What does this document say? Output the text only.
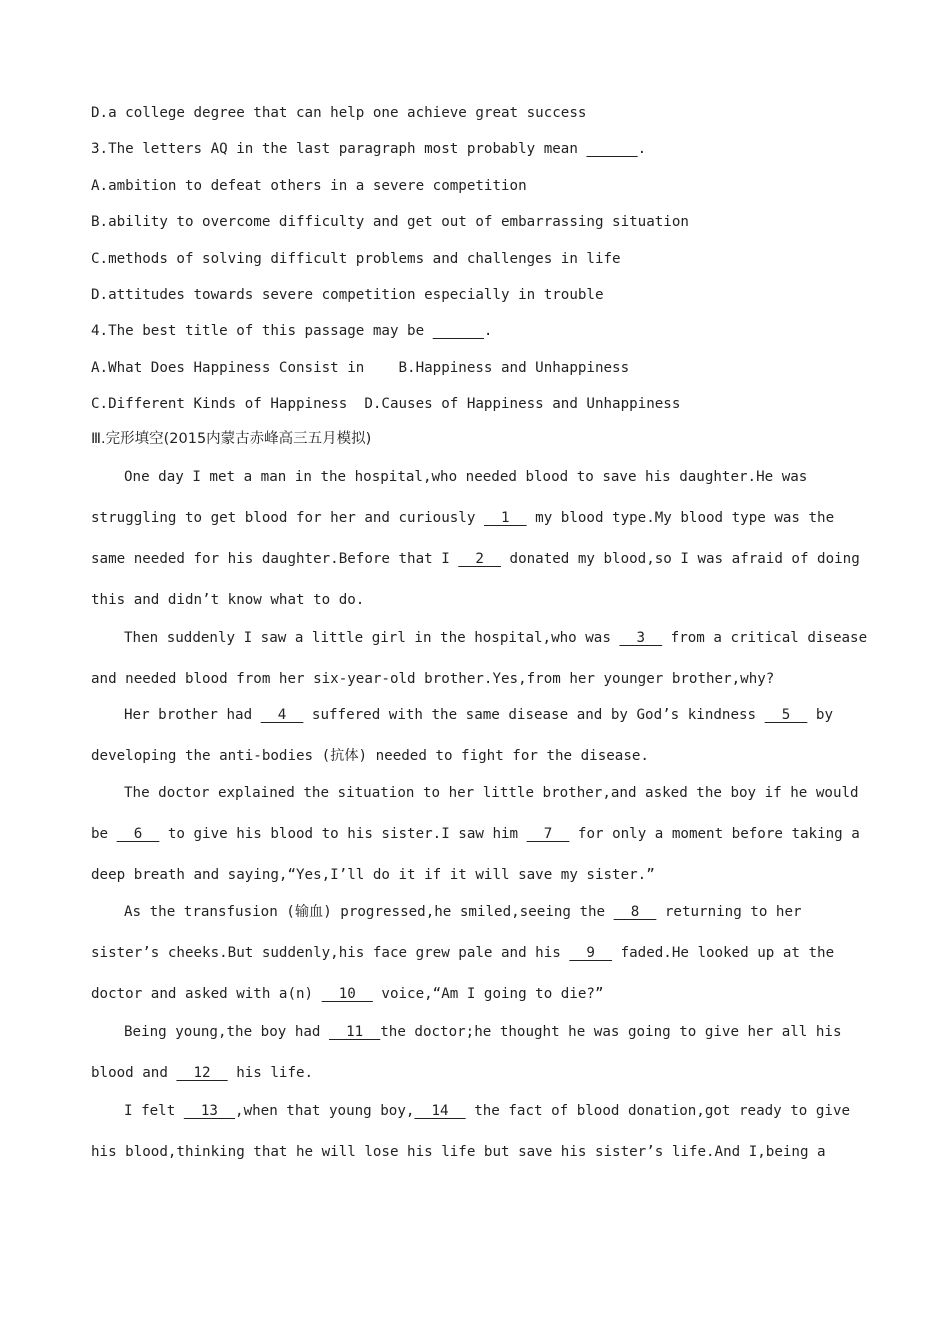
D.a college degree that can help one achieve great success
3.The letters AQ in the last paragraph most probably mean	.
A.ambition to defeat others in a severe competition
B.ability to overcome difficulty and get out of embarrassing situation
C.methods of solving difficult problems and challenges in life
D.attitudes towards severe competition especially in trouble
4.The best title of this passage may be	.
A.What Does Happiness Consist in    B.Happiness and Unhappiness
C.Different Kinds of Happiness  D.Causes of Happiness and Unhappiness
Ⅲ.完形填空(2015内蒙古赤峰高三五月模拟)
One day I met a man in the hospital,who needed blood to save his daughter.He was
struggling to get blood for her and curiously   1   my blood type.My blood type was the
same needed for his daughter.Before that I   2   donated my blood,so I was afraid of doing
this and didn’t know what to do.
Then suddenly I saw a little girl in the hospital,who was   3   from a critical disease
and needed blood from her six-year-old brother.Yes,from her younger brother,why?
Her brother had   4   suffered with the same disease and by God’s kindness   5   by
developing the anti-bodies (抗体) needed to fight for the disease.
The doctor explained the situation to her little brother,and asked the boy if he would
be   6   to give his blood to his sister.I saw him   7   for only a moment before taking a
deep breath and saying,“Yes,I’ll do it if it will save my sister.”
As the transfusion (输血) progressed,he smiled,seeing the   8   returning to her
sister’s cheeks.But suddenly,his face grew pale and his   9   faded.He looked up at the
doctor and asked with a(n)   10   voice,“Am I going to die?”
Being young,the boy had   11  the doctor;he thought he was going to give her all his
blood and   12   his life.
I felt   13  ,when that young boy,  14   the fact of blood donation,got ready to give
his blood,thinking that he will lose his life but save his sister’s life.And I,being a
